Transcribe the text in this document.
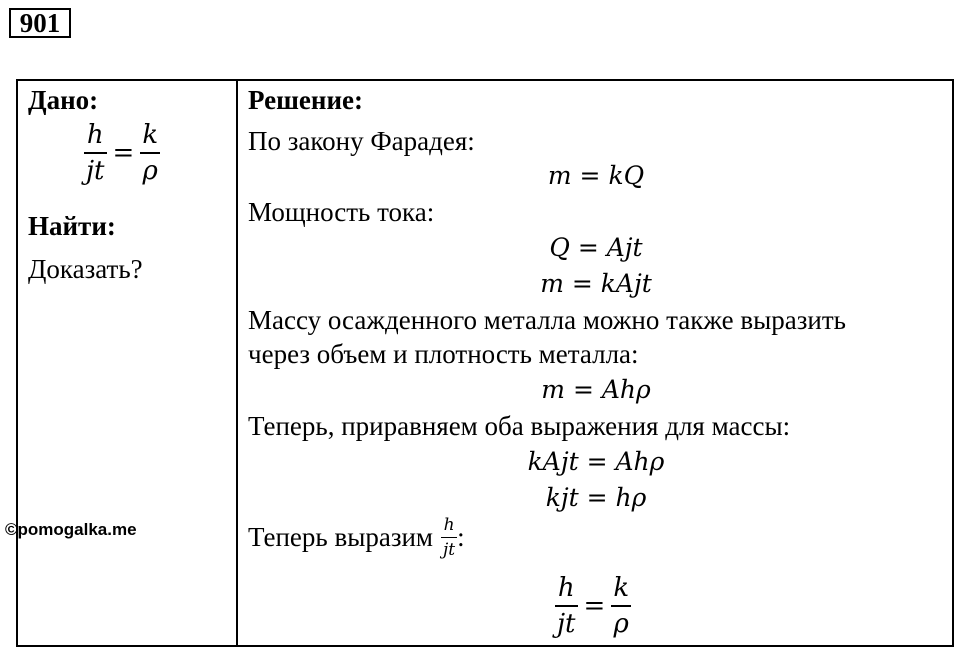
901
Дано:
$\frac{h}{jt} = \frac{k}{\rho}$
Найти:
Доказать?
©pomogalka.me
Решение:
По закону Фарадея:
m = kQ
Мощность тока:
Q = Ajt
m = kAjt
Массу осажденного металла можно также выразить
через объем и плотность металла:
m = Ahρ
Теперь, приравняем оба выражения для массы:
kAjt = Ahρ
kjt = hρ
Теперь выразим $\frac{h}{jt}$ :
$\frac{h}{jt} = \frac{k}{\rho}$
